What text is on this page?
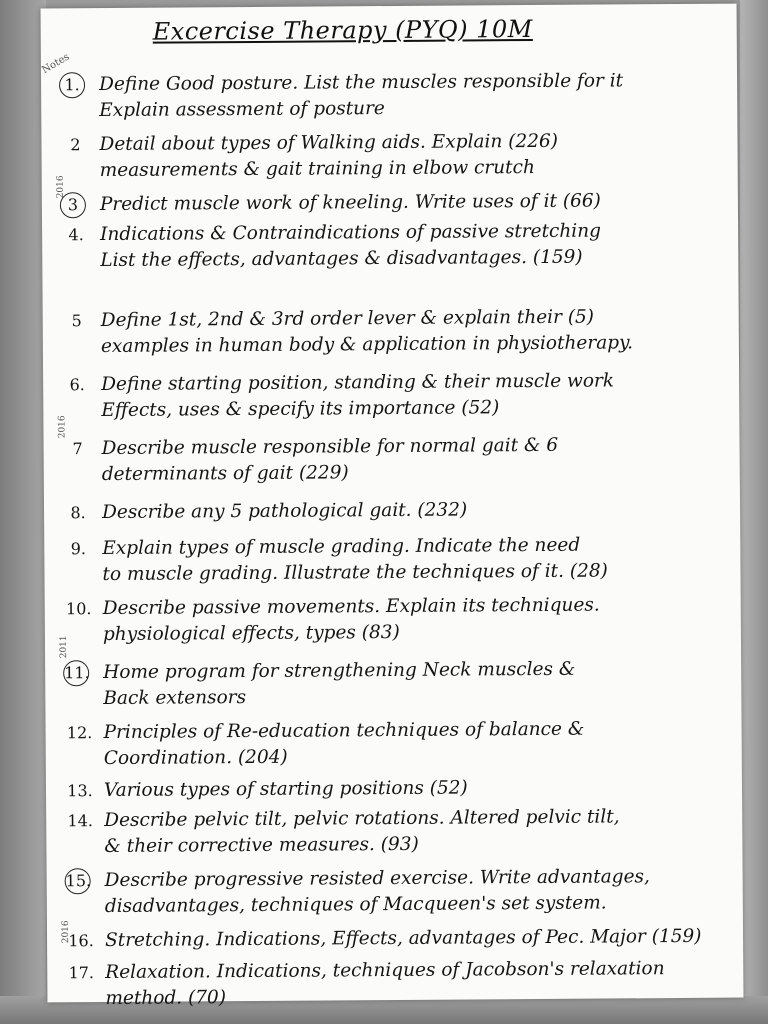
Excercise Therapy (PYQ) 10M
Notes
2016
2016
2011
2016
1. Define Good posture. List the muscles responsible for it
Explain assessment of posture
2	Detail about types of Walking aids. Explain (226)
measurements & gait training in elbow crutch
3	Predict muscle work of kneeling. Write uses of it (66)
4. Indications & Contraindications of passive stretching
List the effects, advantages & disadvantages. (159)
5	Define 1st, 2nd & 3rd order lever & explain their (5)
examples in human body & application in physiotherapy.
6. Define starting position, standing & their muscle work
Effects, uses & specify its importance (52)
7	Describe muscle responsible for normal gait & 6
determinants of gait (229)
8. Describe any 5 pathological gait. (232)
9. Explain types of muscle grading. Indicate the need
to muscle grading. Illustrate the techniques of it. (28)
10. Describe passive movements. Explain its techniques.
physiological effects, types (83)
11. Home program for strengthening Neck muscles &
Back extensors
12. Principles of Re-education techniques of balance &
Coordination. (204)
13. Various types of starting positions (52)
14. Describe pelvic tilt, pelvic rotations. Altered pelvic tilt,
& their corrective measures. (93)
15. Describe progressive resisted exercise. Write advantages,
disadvantages, techniques of Macqueen's set system.
16. Stretching. Indications, Effects, advantages of Pec. Major (159)
17. Relaxation. Indications, techniques of Jacobson's relaxation
method. (70)
